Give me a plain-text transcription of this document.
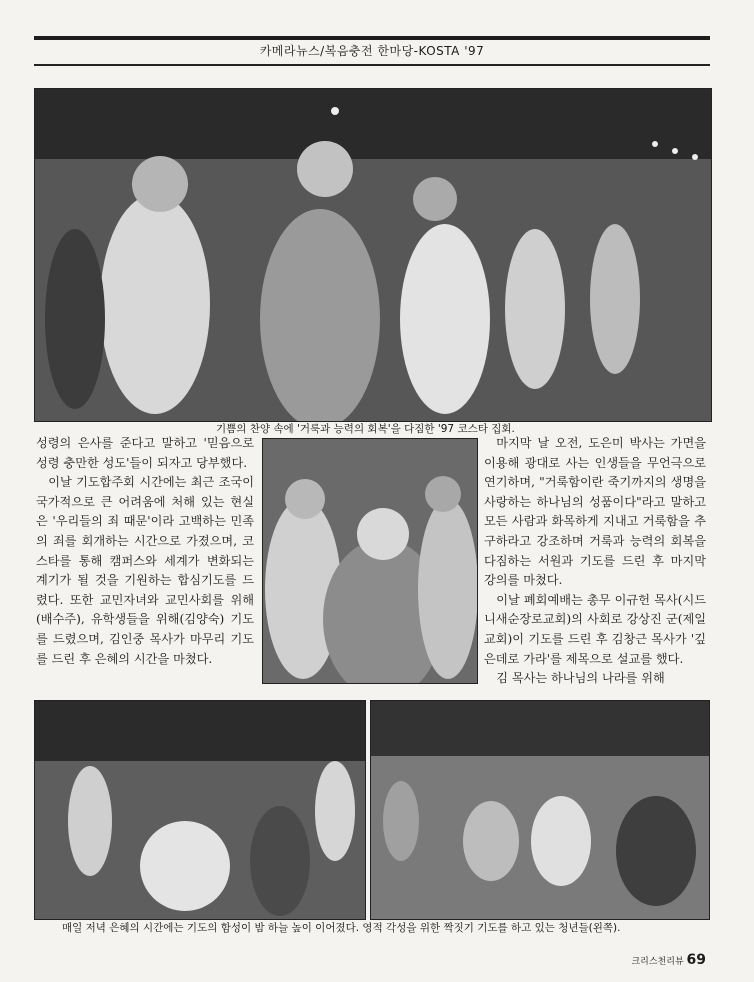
카메라뉴스/복음충전 한마당-KOSTA '97
기쁨의 찬양 속에 '거룩과 능력의 회복'을 다짐한 '97 코스타 집회.

성령의 은사를 준다고 말하고 '믿음으로 성령 충만한 성도'들이 되자고 당부했다.

이날 기도합주회 시간에는 최근 조국이 국가적으로 큰 어려움에 처해 있는 현실은 '우리들의 죄 때문'이라 고백하는 민족의 죄를 회개하는 시간으로 가졌으며, 코스타를 통해 캠퍼스와 세계가 변화되는 계기가 될 것을 기원하는 합심기도를 드렸다. 또한 교민자녀와 교민사회를 위해(배수주), 유학생들을 위해(김양숙) 기도를 드렸으며, 김인중 목사가 마무리 기도를 드린 후 은혜의 시간을 마쳤다.

마지막 날 오전, 도은미 박사는 가면을 이용해 광대로 사는 인생들을 무언극으로 연기하며, "거룩함이란 죽기까지의 생명을 사랑하는 하나님의 성품이다"라고 말하고 모든 사람과 화목하게 지내고 거룩함을 추구하라고 강조하며 거룩과 능력의 회복을 다짐하는 서원과 기도를 드린 후 마지막 강의를 마쳤다.

이날 폐회예배는 총무 이규헌 목사(시드니새순장로교회)의 사회로 강상진 군(제일교회)이 기도를 드린 후 김창근 목사가 '깊은데로 가라'를 제목으로 설교를 했다.

김 목사는 하나님의 나라를 위해

매일 저녁 은혜의 시간에는 기도의 함성이 밤 하늘 높이 이어졌다. 영적 각성을 위한 짝짓기 기도를 하고 있는 청년들(왼쪽).
크리스천리뷰 69
